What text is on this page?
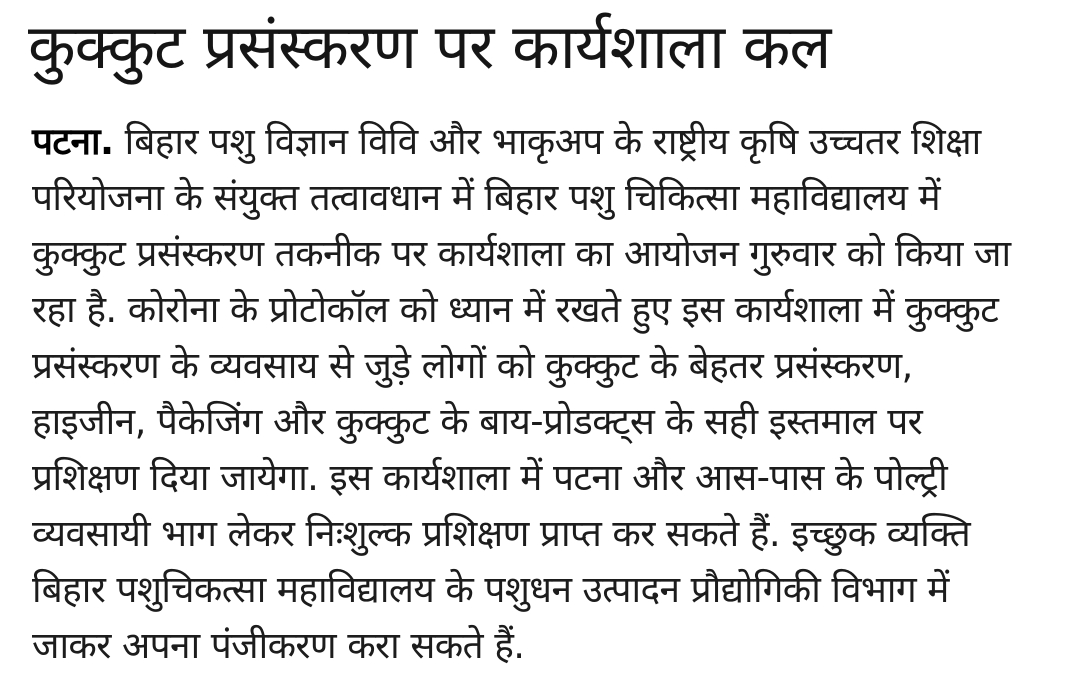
कुक्कुट प्रसंस्करण पर कार्यशाला कल
पटना. बिहार पशु विज्ञान विवि और भाकृअप के राष्ट्रीय कृषि उच्चतर शिक्षा
परियोजना के संयुक्त तत्वावधान में बिहार पशु चिकित्सा महाविद्यालय में
कुक्कुट प्रसंस्करण तकनीक पर कार्यशाला का आयोजन गुरुवार को किया जा
रहा है. कोरोना के प्रोटोकॉल को ध्यान में रखते हुए इस कार्यशाला में कुक्कुट
प्रसंस्करण के व्यवसाय से जुड़े लोगों को कुक्कुट के बेहतर प्रसंस्करण,
हाइजीन, पैकेजिंग और कुक्कुट के बाय-प्रोडक्ट्स के सही इस्तमाल पर
प्रशिक्षण दिया जायेगा. इस कार्यशाला में पटना और आस-पास के पोल्ट्री
व्यवसायी भाग लेकर निःशुल्क प्रशिक्षण प्राप्त कर सकते हैं. इच्छुक व्यक्ति
बिहार पशुचिकत्सा महाविद्यालय के पशुधन उत्पादन प्रौद्योगिकी विभाग में
जाकर अपना पंजीकरण करा सकते हैं.
